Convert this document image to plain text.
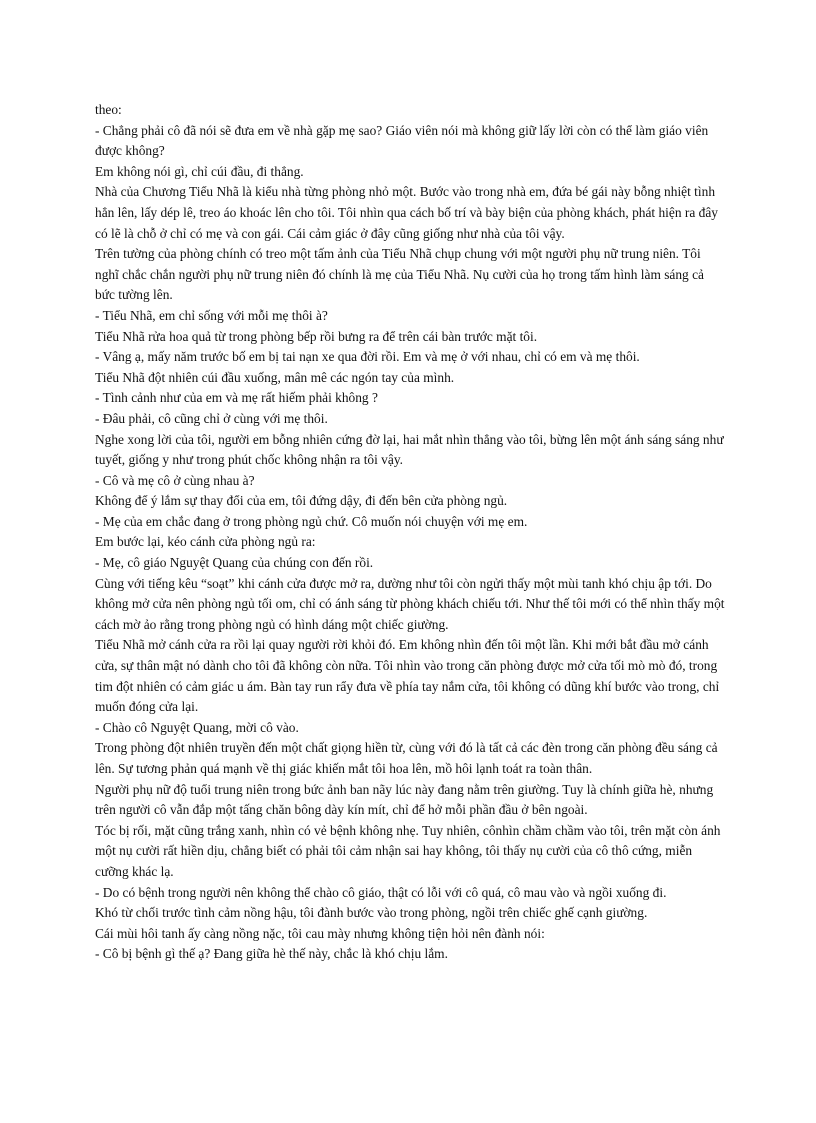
theo:

- Chẳng phải cô đã nói sẽ đưa em về nhà gặp mẹ sao? Giáo viên nói mà không giữ lấy lời còn có thể làm giáo viên được không?

Em không nói gì, chỉ cúi đầu, đi thẳng.

Nhà của Chương Tiểu Nhã là kiểu nhà từng phòng nhỏ một. Bước vào trong nhà em, đứa bé gái này bỗng nhiệt tình hẳn lên, lấy dép lê, treo áo khoác lên cho tôi. Tôi nhìn qua cách bố trí và bày biện của phòng khách, phát hiện ra đây có lẽ là chỗ ở chỉ có mẹ và con gái. Cái cảm giác ở đây cũng giống như nhà của tôi vậy.

Trên tường của phòng chính có treo một tấm ảnh của Tiểu Nhã chụp chung với một người phụ nữ trung niên. Tôi nghĩ chắc chắn người phụ nữ trung niên đó chính là mẹ của Tiểu Nhã. Nụ cười của họ trong tấm hình làm sáng cả bức tường lên.

- Tiểu Nhã, em chỉ sống với mỗi mẹ thôi à?

Tiểu Nhã rửa hoa quả từ trong phòng bếp rồi bưng ra để trên cái bàn trước mặt tôi.

- Vâng ạ, mấy năm trước bố em bị tai nạn xe qua đời rồi. Em và mẹ ở với nhau, chỉ có em và mẹ thôi.

Tiểu Nhã đột nhiên cúi đầu xuống, mân mê các ngón tay của mình.

- Tình cảnh như của em và mẹ rất hiếm phải không ?

- Đâu phải, cô cũng chỉ ở cùng với mẹ thôi.

Nghe xong lời của tôi, người em bỗng nhiên cứng đờ lại, hai mắt nhìn thẳng vào tôi, bừng lên một ánh sáng sáng như tuyết, giống y như trong phút chốc không nhận ra tôi vậy.

- Cô và mẹ cô ở cùng nhau à?

Không để ý lắm sự thay đổi của em, tôi đứng dậy, đi đến bên cửa phòng ngủ.

- Mẹ của em chắc đang ở trong phòng ngủ chứ. Cô muốn nói chuyện với mẹ em.

Em bước lại, kéo cánh cửa phòng ngủ ra:

- Mẹ, cô giáo Nguyệt Quang của chúng con đến rồi.

Cùng với tiếng kêu “soạt” khi cánh cửa được mở ra, dường như tôi còn ngửi thấy một mùi tanh khó chịu ập tới. Do không mở cửa nên phòng ngủ tối om, chỉ có ánh sáng từ phòng khách chiếu tới. Như thế tôi mới có thể nhìn thấy một cách mờ ảo rằng trong phòng ngủ có hình dáng một chiếc giường.

Tiểu Nhã mở cánh cửa ra rồi lại quay người rời khỏi đó. Em không nhìn đến tôi một lần. Khi mới bắt đầu mở cánh cửa, sự thân mật nó dành cho tôi đã không còn nữa. Tôi nhìn vào trong căn phòng được mở cửa tối mò mò đó, trong tim đột nhiên có cảm giác u ám. Bàn tay run rẩy đưa về phía tay nắm cửa, tôi không có dũng khí bước vào trong, chỉ muốn đóng cửa lại.

- Chào cô Nguyệt Quang, mời cô vào.

Trong phòng đột nhiên truyền đến một chất giọng hiền từ, cùng với đó là tất cả các đèn trong căn phòng đều sáng cả lên. Sự tương phản quá mạnh về thị giác khiến mắt tôi hoa lên, mồ hôi lạnh toát ra toàn thân.

Người phụ nữ độ tuổi trung niên trong bức ảnh ban nãy lúc này đang nằm trên giường. Tuy là chính giữa hè, nhưng trên người cô vẫn đắp một tấng chăn bông dày kín mít, chỉ để hở mỗi phần đầu ở bên ngoài.

Tóc bị rối, mặt cũng trắng xanh, nhìn có vẻ bệnh không nhẹ. Tuy nhiên, cônhìn chầm chầm vào tôi, trên mặt còn ánh một nụ cười rất hiền dịu, chẳng biết có phải tôi cảm nhận sai hay không, tôi thấy nụ cười của cô thô cứng, miễn cưỡng khác lạ.

- Do có bệnh trong người nên không thể chào cô giáo, thật có lỗi với cô quá, cô mau vào và ngồi xuống đi.

Khó từ chối trước tình cảm nồng hậu, tôi đành bước vào trong phòng, ngồi trên chiếc ghế cạnh giường.

Cái mùi hôi tanh ấy càng nồng nặc, tôi cau mày nhưng không tiện hỏi nên đành nói:

- Cô bị bệnh gì thế ạ? Đang giữa hè thế này, chắc là khó chịu lắm.
